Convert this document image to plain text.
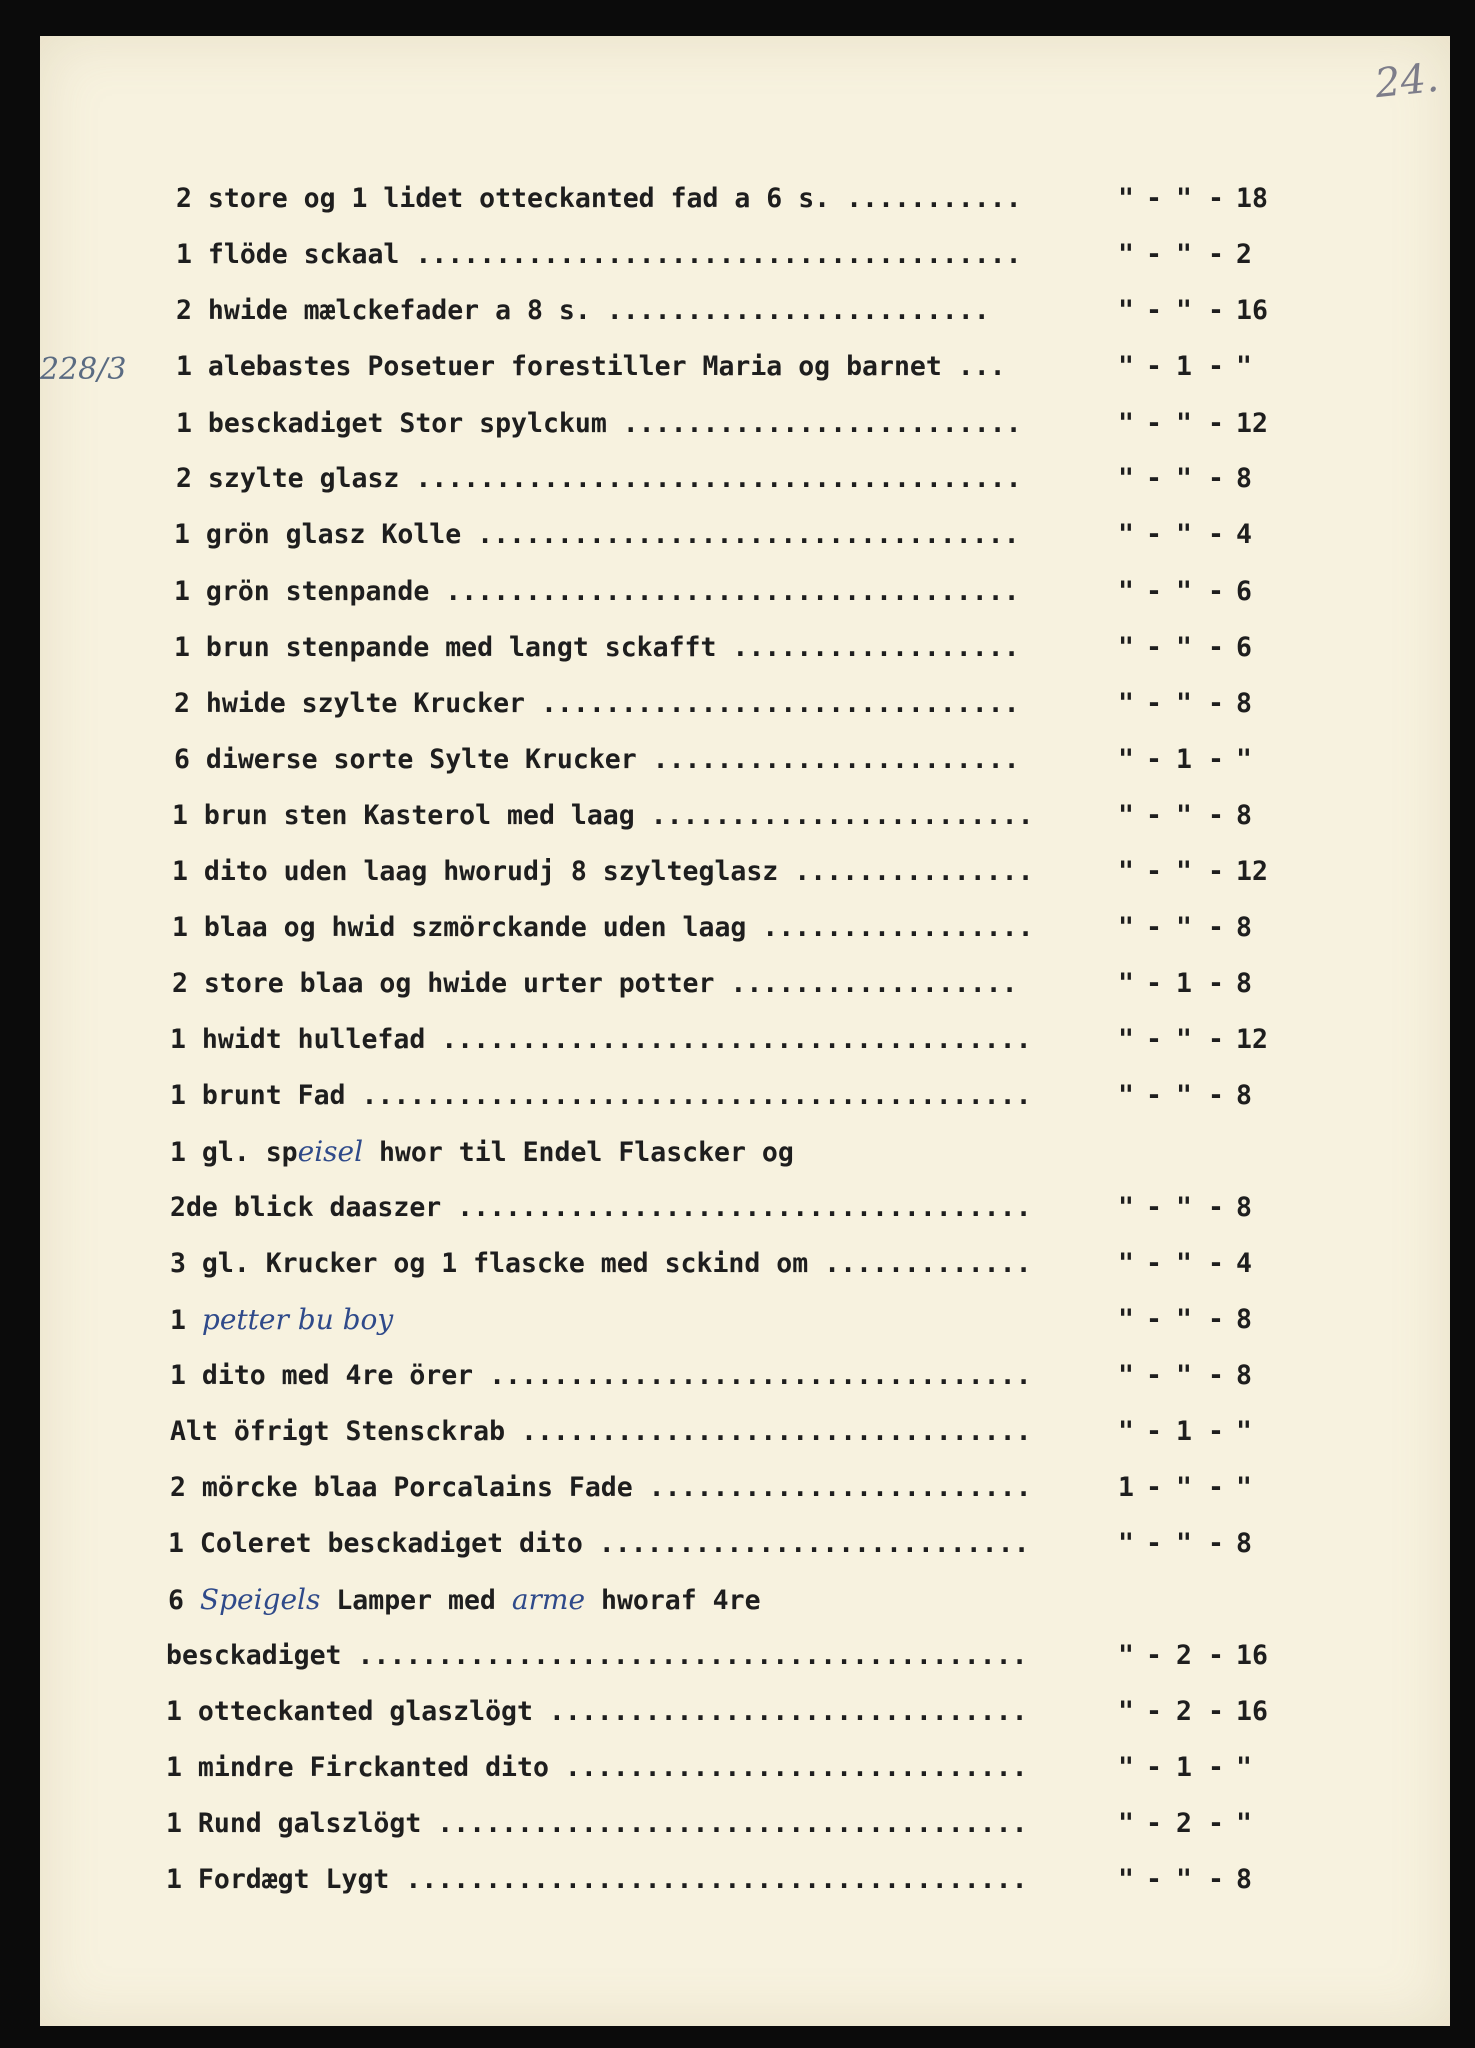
24.
228/3
2 store og 1 lidet otteckanted fad a 6 s. ...........	" - " - 18
1 flöde sckaal ......................................	" - " - 2
2 hwide mælckefader a 8 s. ........................	" - " - 16
1 alebastes Posetuer forestiller Maria og barnet ...	" - 1 - "
1 besckadiget Stor spylckum .........................	" - " - 12
2 szylte glasz ......................................	" - " - 8
1 grön glasz Kolle ..................................	" - " - 4
1 grön stenpande ....................................	" - " - 6
1 brun stenpande med langt sckafft ..................	" - " - 6
2 hwide szylte Krucker ..............................	" - " - 8
6 diwerse sorte Sylte Krucker .......................	" - 1 - "
1 brun sten Kasterol med laag ........................	" - " - 8
1 dito uden laag hworudj 8 szylteglasz ...............	" - " - 12
1 blaa og hwid szmörckande uden laag .................	" - " - 8
2 store blaa og hwide urter potter ..................	" - 1 - 8
1 hwidt hullefad .....................................	" - " - 12
1 brunt Fad ..........................................	" - " - 8
1 gl. speisel hwor til Endel Flascker og
2de blick daaszer ....................................	" - " - 8
3 gl. Krucker og 1 flascke med sckind om .............	" - " - 4
1 petter bu boy	" - " - 8
1 dito med 4re örer ..................................	" - " - 8
Alt öfrigt Stensckrab ................................	" - 1 - "
2 mörcke blaa Porcalains Fade ........................	1 - " - "
1 Coleret besckadiget dito ...........................	" - " - 8
6 Speigels Lamper med arme hworaf 4re
besckadiget ..........................................	" - 2 - 16
1 otteckanted glaszlögt ..............................	" - 2 - 16
1 mindre Firckanted dito .............................	" - 1 - "
1 Rund galszlögt .....................................	" - 2 - "
1 Fordægt Lygt .......................................	" - " - 8
